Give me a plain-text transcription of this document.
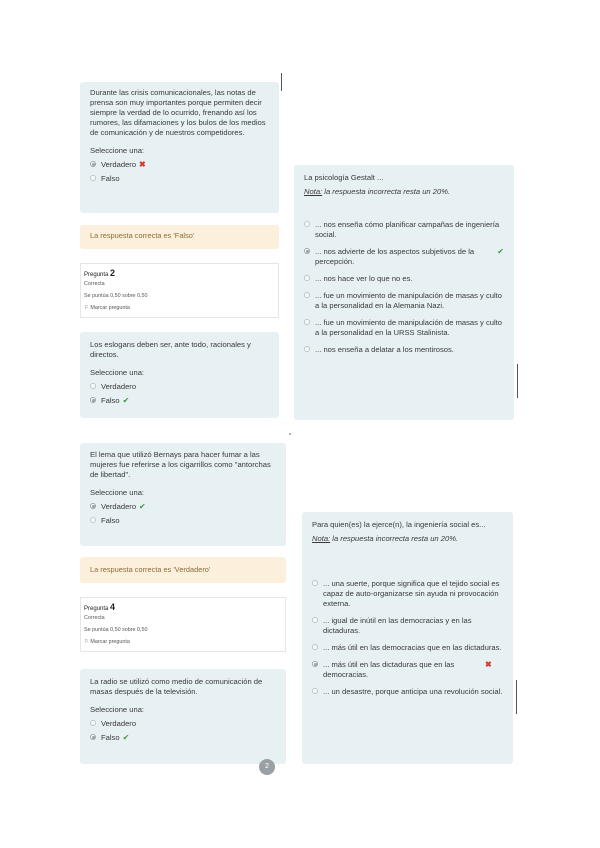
Durante las crisis comunicacionales, las notas de prensa son muy importantes porque permiten decir siempre la verdad de lo ocurrido, frenando así los rumores, las difamaciones y los bulos de los medios de comunicación y de nuestros competidores.
Seleccione una:
Verdadero ✖
Falso
La respuesta correcta es 'Falso'
Pregunta 2
Correcta
Se puntúa 0,50 sobre 0,50
⚐ Marcar pregunta
Los eslogans deben ser, ante todo, racionales y directos.
Seleccione una:
Verdadero
Falso ✔
El lema que utilizó Bernays para hacer fumar a las mujeres fue referirse a los cigarrillos como "antorchas de libertad".
Seleccione una:
Verdadero ✔
Falso
La respuesta correcta es 'Verdadero'
Pregunta 4
Correcta
Se puntúa 0,50 sobre 0,50
⚐ Marcar pregunta
La radio se utilizó como medio de comunicación de masas después de la televisión.
Seleccione una:
Verdadero
Falso ✔
2
La psicología Gestalt ...
Nota: la respuesta incorrecta resta un 20%.
... nos enseña cómo planificar campañas de ingeniería social.
... nos advierte de los aspectos subjetivos de la percepción.
✔
... nos hace ver lo que no es.
... fue un movimiento de manipulación de masas y culto a la personalidad en la Alemania Nazi.
... fue un movimiento de manipulación de masas y culto a la personalidad en la URSS Stalinista.
... nos enseña a delatar a los mentirosos.
Para quien(es) la ejerce(n), la ingeniería social es...
Nota: la respuesta incorrecta resta un 20%.
... una suerte, porque significa que el tejido social es capaz de auto-organizarse sin ayuda ni provocación externa.
... igual de inútil en las democracias y en las dictaduras.
... más útil en las democracias que en las dictaduras.
... más útil en las dictaduras que en las democracias.
✖
... un desastre, porque anticipa una revolución social.
